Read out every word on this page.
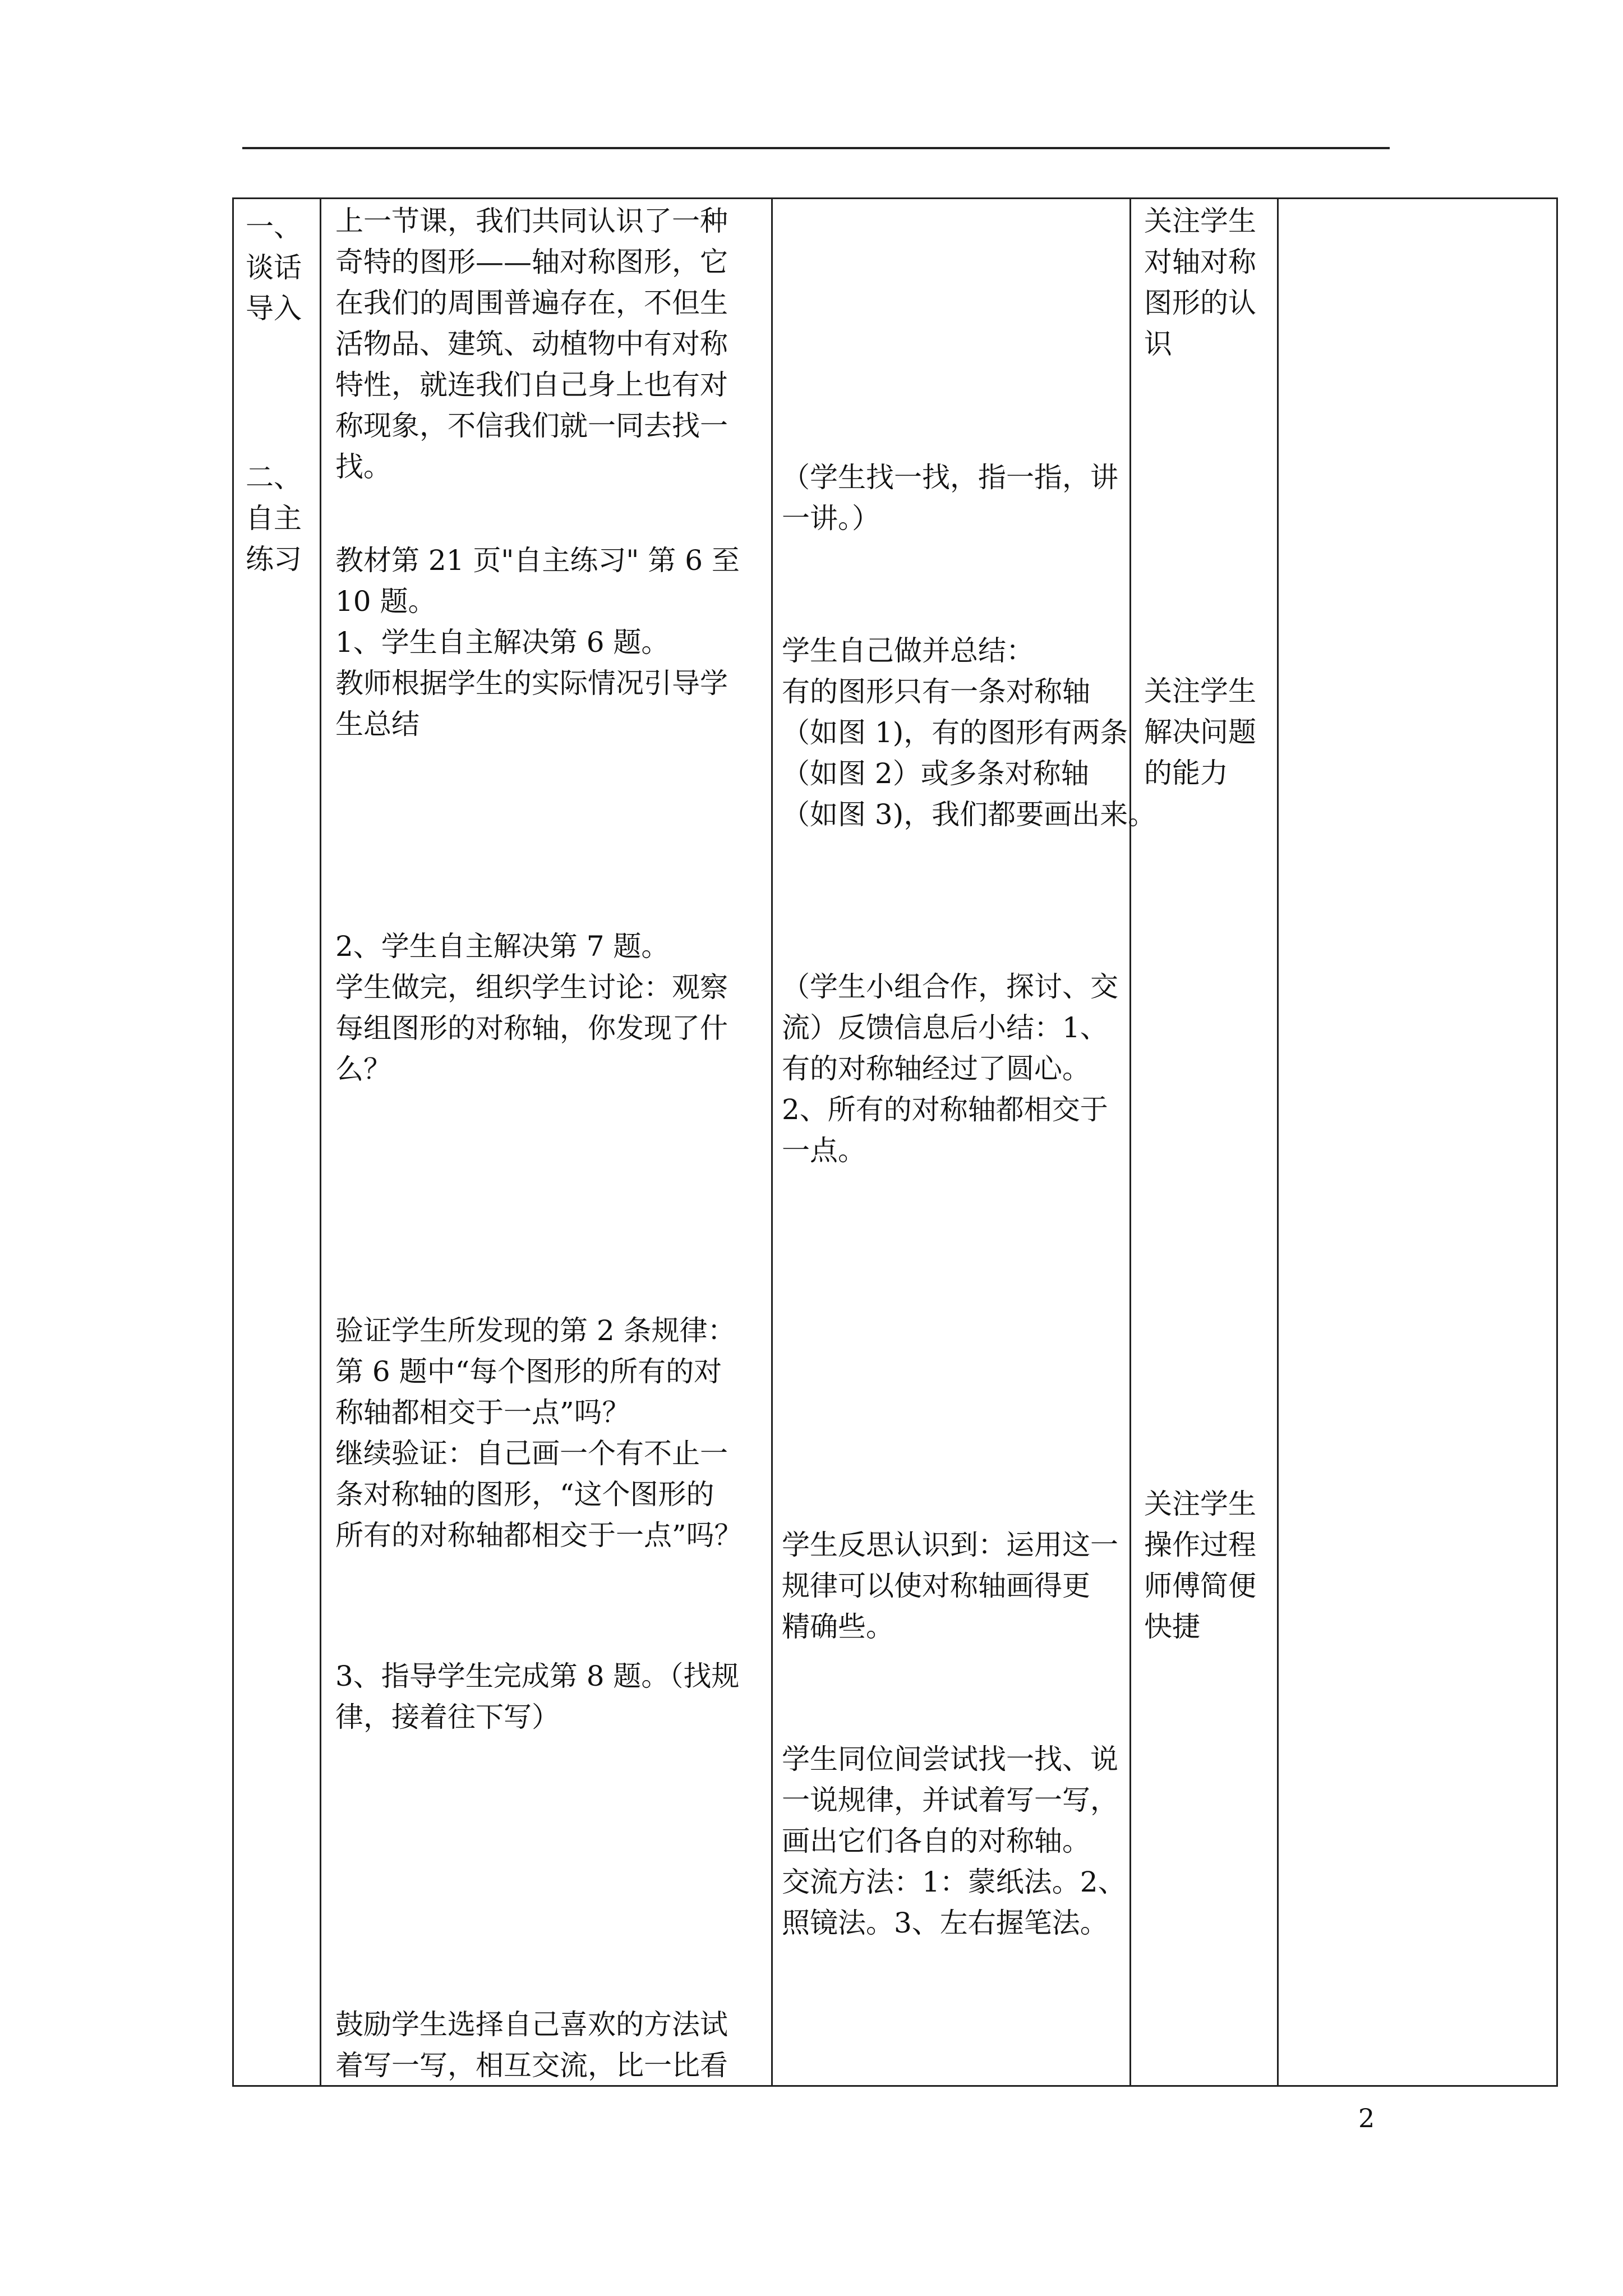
一、
谈话
导入
二、
自主
练习
上一节课，我们共同认识了一种
奇特的图形——轴对称图形，它
在我们的周围普遍存在，不但生
活物品、建筑、动植物中有对称
特性，就连我们自己身上也有对
称现象，不信我们就一同去找一
找。
教材第 21 页"自主练习" 第 6 至
10 题。
1、学生自主解决第 6 题。
教师根据学生的实际情况引导学
生总结
2、学生自主解决第 7 题。
学生做完，组织学生讨论：观察
每组图形的对称轴，你发现了什
么？
验证学生所发现的第 2 条规律：
第 6 题中“每个图形的所有的对
称轴都相交于一点”吗？
继续验证：自己画一个有不止一
条对称轴的图形，“这个图形的
所有的对称轴都相交于一点”吗？
3、指导学生完成第 8 题。（找规
律，接着往下写）
鼓励学生选择自己喜欢的方法试
着写一写，相互交流，比一比看
（学生找一找，指一指，讲
一讲。）
学生自己做并总结：
有的图形只有一条对称轴
（如图 1)，有的图形有两条
（如图 2）或多条对称轴
（如图 3)，我们都要画出来。
（学生小组合作，探讨、交
流）反馈信息后小结：1、
有的对称轴经过了圆心。
2、所有的对称轴都相交于
一点。
学生反思认识到：运用这一
规律可以使对称轴画得更
精确些。
学生同位间尝试找一找、说
一说规律，并试着写一写，
画出它们各自的对称轴。
交流方法：1：蒙纸法。2、
照镜法。3、左右握笔法。
关注学生
对轴对称
图形的认
识
关注学生
解决问题
的能力
关注学生
操作过程
师傅简便
快捷
2
